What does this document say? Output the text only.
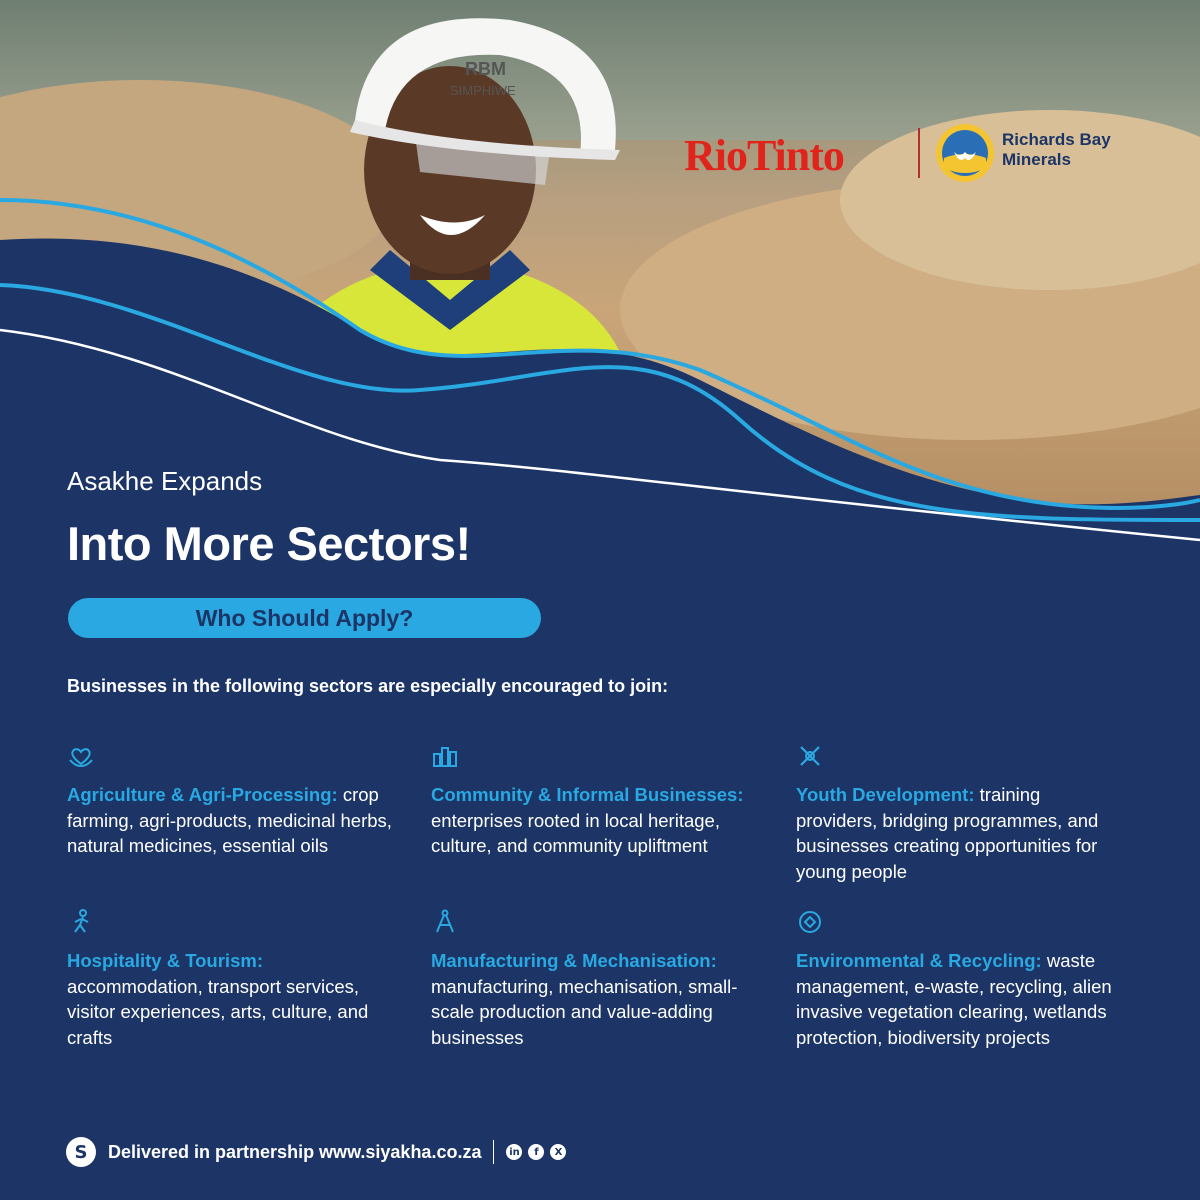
RBM
SIMPHIWE
RioTinto	Richards Bay Minerals
Asakhe Expands
Into More Sectors!
Who Should Apply?
Businesses in the following sectors are especially encouraged to join:
Agriculture & Agri-Processing: crop farming, agri-products, medicinal herbs, natural medicines, essential oils
Community & Informal Businesses: enterprises rooted in local heritage, culture, and community upliftment
Youth Development: training providers, bridging programmes, and businesses creating opportunities for young people
Hospitality & Tourism: accommodation, transport services, visitor experiences, arts, culture, and crafts
Manufacturing & Mechanisation: manufacturing, mechanisation, small-scale production and value-adding businesses
Environmental & Recycling: waste management, e-waste, recycling, alien invasive vegetation clearing, wetlands protection, biodiversity projects
S	Delivered in partnership www.siyakha.co.za	in	f	X
